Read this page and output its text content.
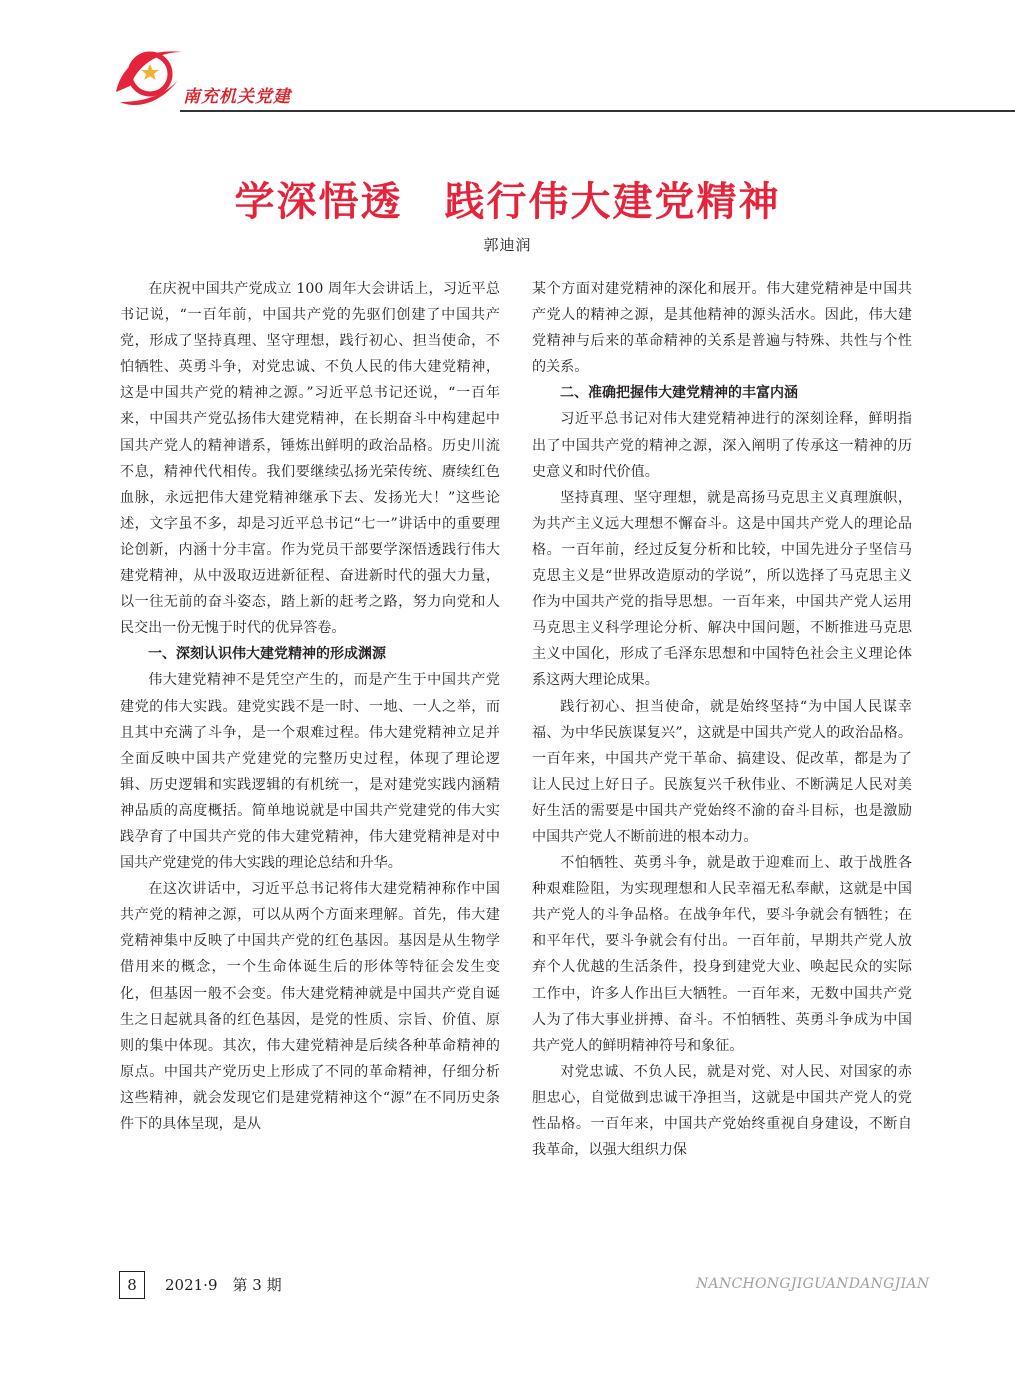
南充机关党建
学深悟透　践行伟大建党精神
郭迪润

在庆祝中国共产党成立 100 周年大会讲话上，习近平总书记说，“一百年前，中国共产党的先驱们创建了中国共产党，形成了坚持真理、坚守理想，践行初心、担当使命，不怕牺牲、英勇斗争，对党忠诚、不负人民的伟大建党精神，这是中国共产党的精神之源。”习近平总书记还说，“一百年来，中国共产党弘扬伟大建党精神，在长期奋斗中构建起中国共产党人的精神谱系，锤炼出鲜明的政治品格。历史川流不息，精神代代相传。我们要继续弘扬光荣传统、赓续红色血脉，永远把伟大建党精神继承下去、发扬光大！”这些论述，文字虽不多，却是习近平总书记“七一”讲话中的重要理论创新，内涵十分丰富。作为党员干部要学深悟透践行伟大建党精神，从中汲取迈进新征程、奋进新时代的强大力量，以一往无前的奋斗姿态，踏上新的赶考之路，努力向党和人民交出一份无愧于时代的优异答卷。

一、深刻认识伟大建党精神的形成渊源

伟大建党精神不是凭空产生的，而是产生于中国共产党建党的伟大实践。建党实践不是一时、一地、一人之举，而且其中充满了斗争，是一个艰难过程。伟大建党精神立足并全面反映中国共产党建党的完整历史过程，体现了理论逻辑、历史逻辑和实践逻辑的有机统一，是对建党实践内涵精神品质的高度概括。简单地说就是中国共产党建党的伟大实践孕育了中国共产党的伟大建党精神，伟大建党精神是对中国共产党建党的伟大实践的理论总结和升华。

在这次讲话中，习近平总书记将伟大建党精神称作中国共产党的精神之源，可以从两个方面来理解。首先，伟大建党精神集中反映了中国共产党的红色基因。基因是从生物学借用来的概念，一个生命体诞生后的形体等特征会发生变化，但基因一般不会变。伟大建党精神就是中国共产党自诞生之日起就具备的红色基因，是党的性质、宗旨、价值、原则的集中体现。其次，伟大建党精神是后续各种革命精神的原点。中国共产党历史上形成了不同的革命精神，仔细分析这些精神，就会发现它们是建党精神这个“源”在不同历史条件下的具体呈现，是从

某个方面对建党精神的深化和展开。伟大建党精神是中国共产党人的精神之源，是其他精神的源头活水。因此，伟大建党精神与后来的革命精神的关系是普遍与特殊、共性与个性的关系。

二、准确把握伟大建党精神的丰富内涵

习近平总书记对伟大建党精神进行的深刻诠释，鲜明指出了中国共产党的精神之源，深入阐明了传承这一精神的历史意义和时代价值。

坚持真理、坚守理想，就是高扬马克思主义真理旗帜，为共产主义远大理想不懈奋斗。这是中国共产党人的理论品格。一百年前，经过反复分析和比较，中国先进分子坚信马克思主义是“世界改造原动的学说”，所以选择了马克思主义作为中国共产党的指导思想。一百年来，中国共产党人运用马克思主义科学理论分析、解决中国问题，不断推进马克思主义中国化，形成了毛泽东思想和中国特色社会主义理论体系这两大理论成果。

践行初心、担当使命，就是始终坚持“为中国人民谋幸福、为中华民族谋复兴”，这就是中国共产党人的政治品格。一百年来，中国共产党干革命、搞建设、促改革，都是为了让人民过上好日子。民族复兴千秋伟业、不断满足人民对美好生活的需要是中国共产党始终不渝的奋斗目标，也是激励中国共产党人不断前进的根本动力。

不怕牺牲、英勇斗争，就是敢于迎难而上、敢于战胜各种艰难险阻，为实现理想和人民幸福无私奉献，这就是中国共产党人的斗争品格。在战争年代，要斗争就会有牺牲；在和平年代，要斗争就会有付出。一百年前，早期共产党人放弃个人优越的生活条件，投身到建党大业、唤起民众的实际工作中，许多人作出巨大牺牲。一百年来，无数中国共产党人为了伟大事业拼搏、奋斗。不怕牺牲、英勇斗争成为中国共产党人的鲜明精神符号和象征。

对党忠诚、不负人民，就是对党、对人民、对国家的赤胆忠心，自觉做到忠诚干净担当，这就是中国共产党人的党性品格。一百年来，中国共产党始终重视自身建设，不断自我革命，以强大组织力保

8	2021·9　第 3 期	NANCHONGJIGUANDANGJIAN
